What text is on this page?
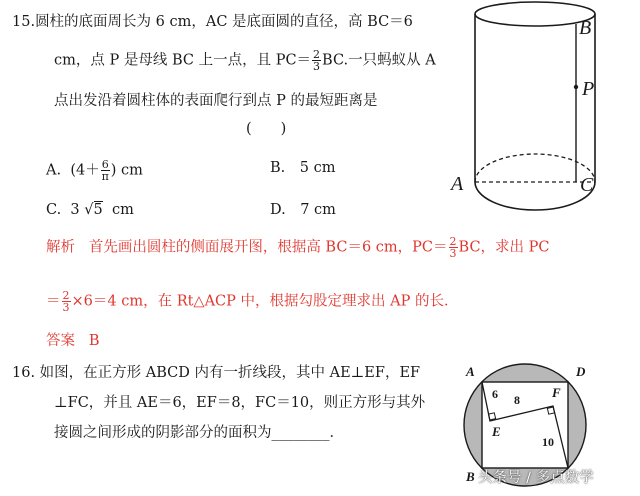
15.圆柱的底面周长为 6 cm，AC 是底面圆的直径，高 BC＝6
cm，点 P 是母线 BC 上一点，且 $PC= \frac{2}{3}$ BC.一只蚂蚁从 A
点出发沿着圆柱体的表面爬行到点 P 的最短距离是
(　　)
A. ($4+ \frac{6}{\pi}$ ) cm	B.　5 cm
C. 3 √5 cm	D.　7 cm
解析 首先画出圆柱的侧面展开图，根据高 BC＝6 cm，$PC= \frac{2}{3}$ BC，求出 PC
＝ $\frac{2}{3} \times 6=4$ cm，在 Rt△ACP 中，根据勾股定理求出 AP 的长．
答案 B
B
P
A	C
16. 如图，在正方形 ABCD 内有一折线段，其中 AE⊥EF，EF
⊥FC，并且 AE＝6，EF＝8，FC＝10，则正方形与其外
接圆之间形成的阴影部分的面积为________．
A	D
B
E
F
6 8
10
头条号 / 多点数学
